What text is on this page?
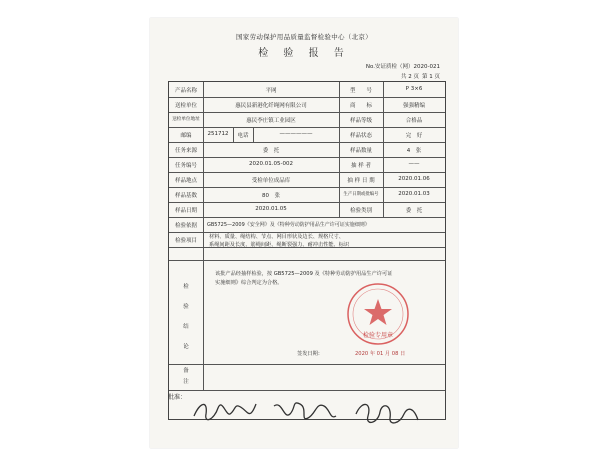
国家劳动保护用品质量监督检验中心（北京）
检 验 报 告
No.安证质检（网）2020-021
共 2 页 第 1 页
产品名称	平网	型　　号	P 3×6
送检单位	惠民县新港化纤绳网有限公司	商　　标	强强精编
送检单位地址	惠民李庄镇工业园区	样品等级	合格品
邮编	251712	电话	——————	样品状态	完　好
任务来源	委　托	样品数量	4　张
任务编号	2020.01.05-002	抽 样 者	——
样品地点	受检单位成品库	抽 样 日 期	2020.01.06
样品基数	80　张	生产日期或批编号	2020.01.03
样品日期	2020.01.05	检验类别	委　托
检验依据	GB5725—2009《安全网》及《特种劳动防护用品生产许可证实施细则》
检验项目
材料、质量、绳结构、节点、网目形状及边长、规格尺寸、
系绳间距及长度、筋绳间距、绳断裂强力、耐冲击性能、标识
检
验
结
论
该批产品经抽样检验，按 GB5725—2009 及《特种劳动防护用品生产许可证
实施细则》综合判定为合格。
签发日期：	2020 年 01 月 08 日
备
注
检验专用章
批准：
